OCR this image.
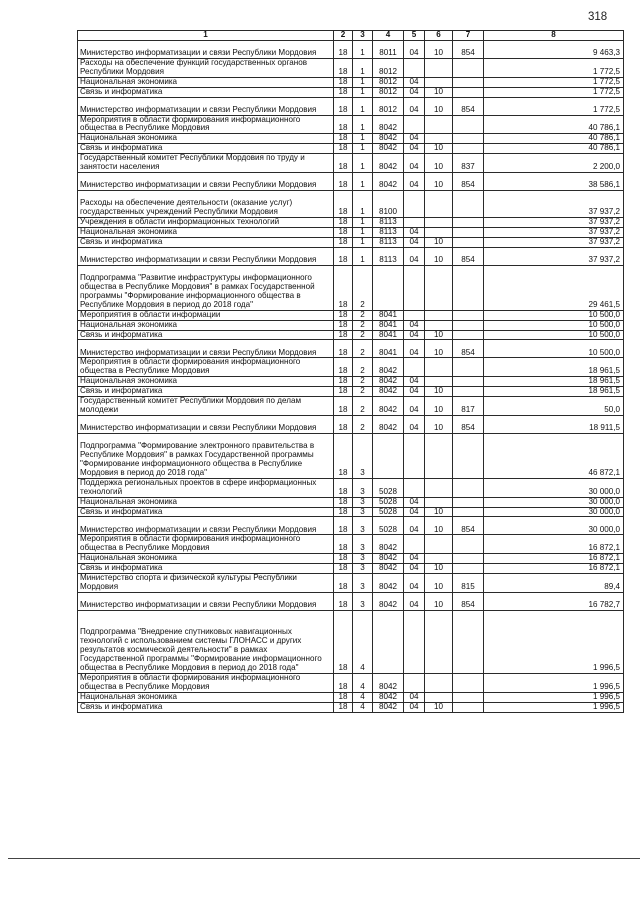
318
1	2	3	4	5	6	7	8
Министерство информатизации и связи Республики Мордовия	18	1	8011	04	10	854	9 463,3
Расходы на обеспечение функций государственных органов Республики Мордовия	18	1	8012				1 772,5
Национальная экономика	18	1	8012	04			1 772,5
Связь и информатика	18	1	8012	04	10		1 772,5
Министерство информатизации и связи Республики Мордовия	18	1	8012	04	10	854	1 772,5
Мероприятия в области формирования информационного общества в Республике Мордовия	18	1	8042				40 786,1
Национальная экономика	18	1	8042	04			40 786,1
Связь и информатика	18	1	8042	04	10		40 786,1
Государственный комитет Республики Мордовия по труду и занятости населения	18	1	8042	04	10	837	2 200,0
Министерство информатизации и связи Республики Мордовия	18	1	8042	04	10	854	38 586,1
Расходы на обеспечение деятельности (оказание услуг) государственных учреждений Республики Мордовия	18	1	8100				37 937,2
Учреждения в области информационных технологий	18	1	8113				37 937,2
Национальная экономика	18	1	8113	04			37 937,2
Связь и информатика	18	1	8113	04	10		37 937,2
Министерство информатизации и связи Республики Мордовия	18	1	8113	04	10	854	37 937,2
Подпрограмма "Развитие инфраструктуры информационного общества в Республике Мордовия" в рамках Государственной программы "Формирование информационного общества в Республике Мордовия в период до 2018 года"	18	2					29 461,5
Мероприятия в области информации	18	2	8041				10 500,0
Национальная экономика	18	2	8041	04			10 500,0
Связь и информатика	18	2	8041	04	10		10 500,0
Министерство информатизации и связи Республики Мордовия	18	2	8041	04	10	854	10 500,0
Мероприятия в области формирования информационного общества в Республике Мордовия	18	2	8042				18 961,5
Национальная экономика	18	2	8042	04			18 961,5
Связь и информатика	18	2	8042	04	10		18 961,5
Государственный комитет Республики Мордовия по делам молодежи	18	2	8042	04	10	817	50,0
Министерство информатизации и связи Республики Мордовия	18	2	8042	04	10	854	18 911,5
Подпрограмма "Формирование электронного правительства в Республике Мордовия" в рамках Государственной программы "Формирование информационного общества в Республике Мордовия в период до 2018 года"	18	3					46 872,1
Поддержка региональных проектов в сфере информационных технологий	18	3	5028				30 000,0
Национальная экономика	18	3	5028	04			30 000,0
Связь и информатика	18	3	5028	04	10		30 000,0
Министерство информатизации и связи Республики Мордовия	18	3	5028	04	10	854	30 000,0
Мероприятия в области формирования информационного общества в Республике Мордовия	18	3	8042				16 872,1
Национальная экономика	18	3	8042	04			16 872,1
Связь и информатика	18	3	8042	04	10		16 872,1
Министерство спорта и физической культуры Республики Мордовия	18	3	8042	04	10	815	89,4
Министерство информатизации и связи Республики Мордовия	18	3	8042	04	10	854	16 782,7
Подпрограмма "Внедрение спутниковых навигационных технологий с использованием системы ГЛОНАСС и других результатов космической деятельности" в рамках Государственной программы "Формирование информационного общества в Республике Мордовия в период до 2018 года"	18	4					1 996,5
Мероприятия в области формирования информационного общества в Республике Мордовия	18	4	8042				1 996,5
Национальная экономика	18	4	8042	04			1 996,5
Связь и информатика	18	4	8042	04	10		1 996,5
